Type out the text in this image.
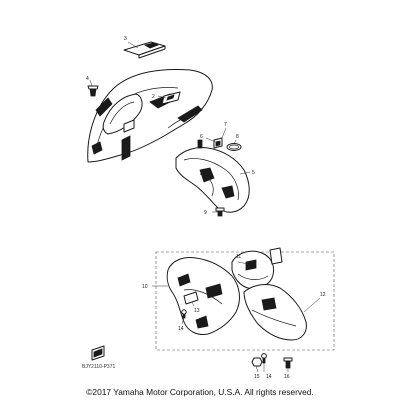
3
4
2
1
6
7
8
5
9
10
11
12
13
14
15 14 16
BJY2110-P371
©2017 Yamaha Motor Corporation, U.S.A. All rights reserved.
